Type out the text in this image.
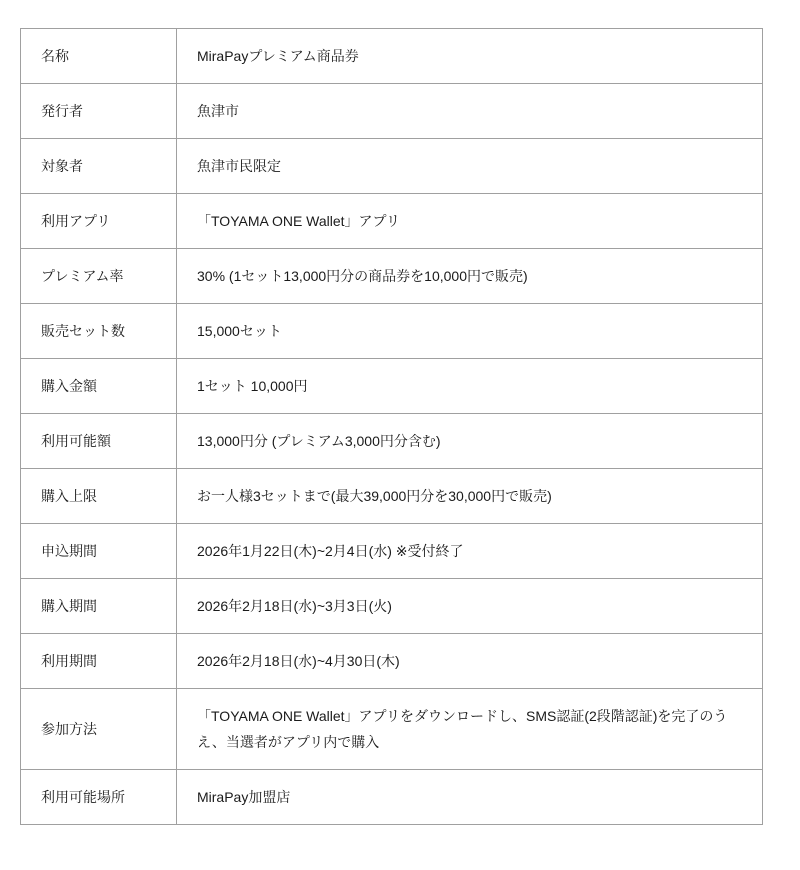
名称	MiraPayプレミアム商品券
発行者	魚津市
対象者	魚津市民限定
利用アプリ	「TOYAMA ONE Wallet」アプリ
プレミアム率	30% (1セット13,000円分の商品券を10,000円で販売)
販売セット数	15,000セット
購入金額	1セット 10,000円
利用可能額	13,000円分 (プレミアム3,000円分含む)
購入上限	お一人様3セットまで(最大39,000円分を30,000円で販売)
申込期間	2026年1月22日(木)~2月4日(水) ※受付終了
購入期間	2026年2月18日(水)~3月3日(火)
利用期間	2026年2月18日(水)~4月30日(木)
参加方法	「TOYAMA ONE Wallet」アプリをダウンロードし、SMS認証(2段階認証)を完了のうえ、当選者がアプリ内で購入
利用可能場所	MiraPay加盟店
